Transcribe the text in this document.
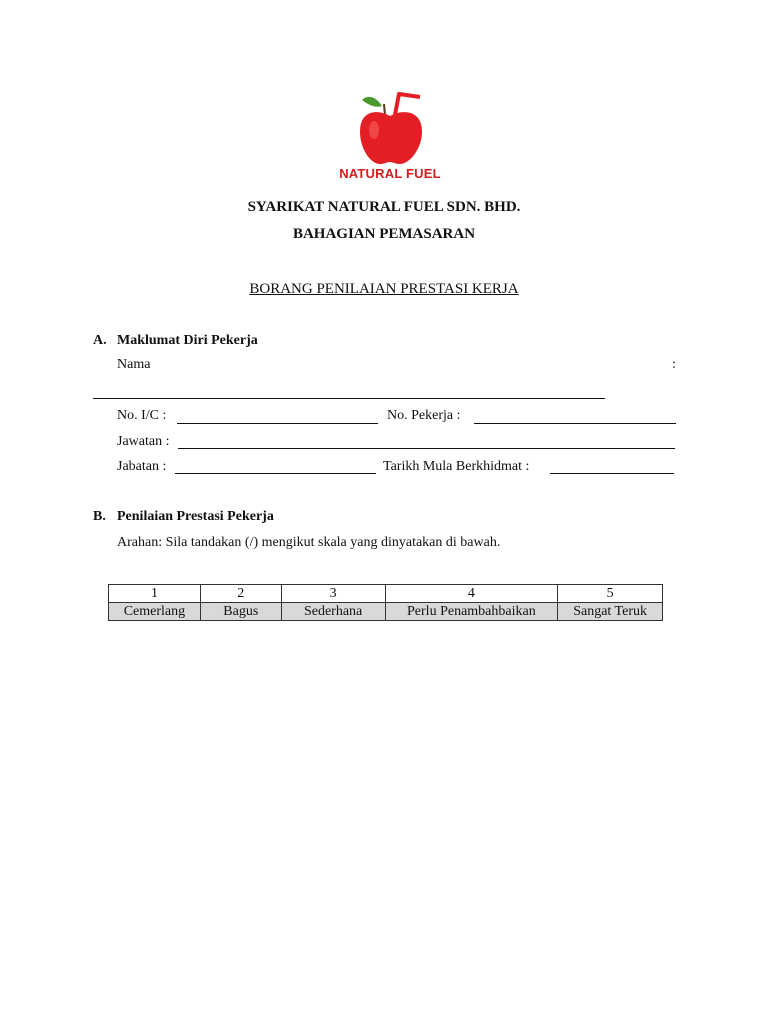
NATURAL FUEL
SYARIKAT NATURAL FUEL SDN. BHD.
BAHAGIAN PEMASARAN
BORANG PENILAIAN PRESTASI KERJA
A. Maklumat Diri Pekerja
Nama	:
No. I/C :	No. Pekerja :
Jawatan :
Jabatan :	Tarikh Mula Berkhidmat :
B. Penilaian Prestasi Pekerja
Arahan: Sila tandakan (/) mengikut skala yang dinyatakan di bawah.
1	2	3	4	5
Cemerlang	Bagus	Sederhana	Perlu Penambahbaikan	Sangat Teruk
